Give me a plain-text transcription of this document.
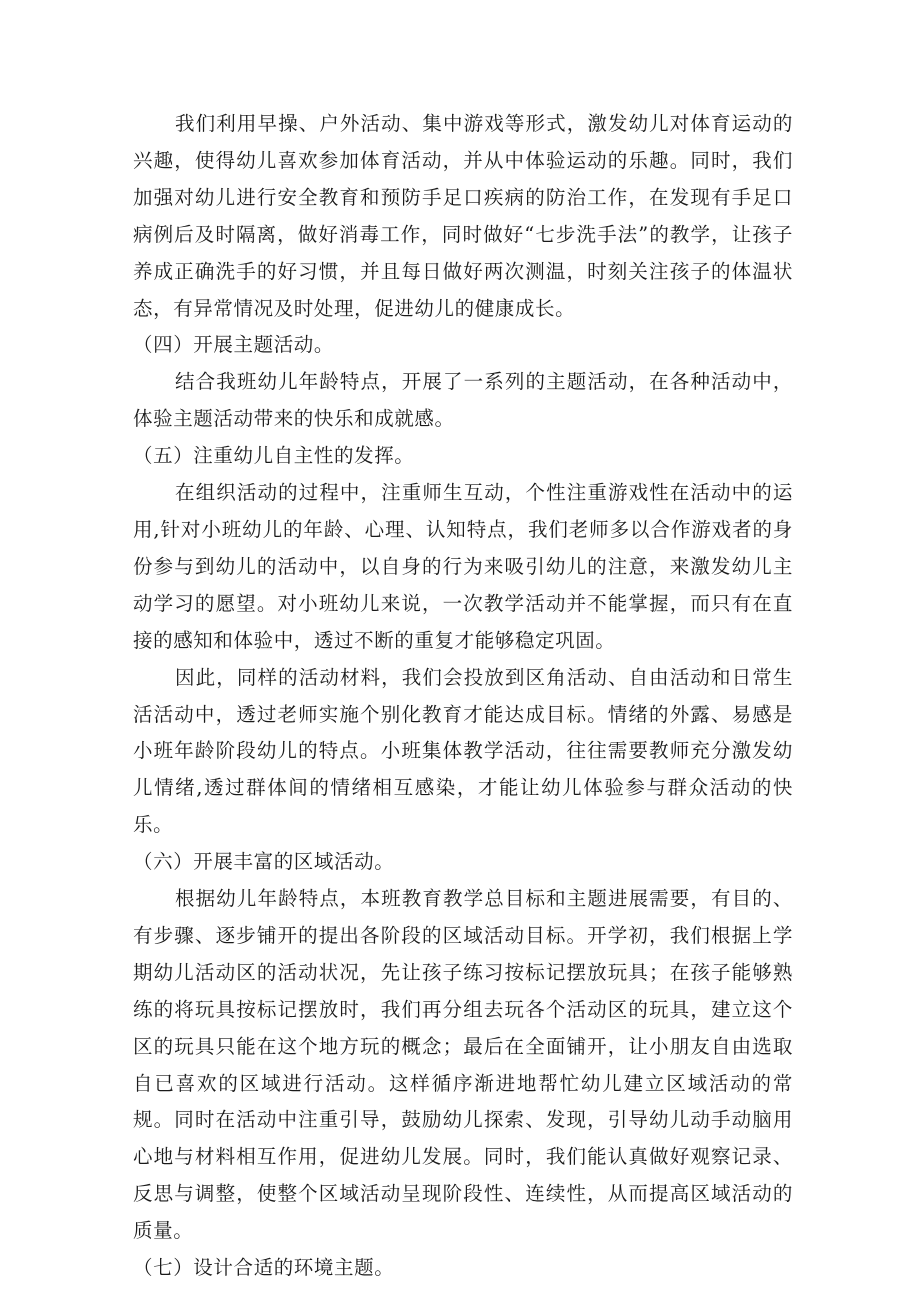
我们利用早操、户外活动、集中游戏等形式，激发幼儿对体育运动的兴趣，使得幼儿喜欢参加体育活动，并从中体验运动的乐趣。同时，我们加强对幼儿进行安全教育和预防手足口疾病的防治工作，在发现有手足口病例后及时隔离，做好消毒工作，同时做好“七步洗手法”的教学，让孩子养成正确洗手的好习惯，并且每日做好两次测温，时刻关注孩子的体温状态，有异常情况及时处理，促进幼儿的健康成长。

（四）开展主题活动。

结合我班幼儿年龄特点，开展了一系列的主题活动，在各种活动中，体验主题活动带来的快乐和成就感。

（五）注重幼儿自主性的发挥。

在组织活动的过程中，注重师生互动，个性注重游戏性在活动中的运用,针对小班幼儿的年龄、心理、认知特点，我们老师多以合作游戏者的身份参与到幼儿的活动中，以自身的行为来吸引幼儿的注意，来激发幼儿主动学习的愿望。对小班幼儿来说，一次教学活动并不能掌握，而只有在直接的感知和体验中，透过不断的重复才能够稳定巩固。

因此，同样的活动材料，我们会投放到区角活动、自由活动和日常生活活动中，透过老师实施个别化教育才能达成目标。情绪的外露、易感是小班年龄阶段幼儿的特点。小班集体教学活动，往往需要教师充分激发幼儿情绪,透过群体间的情绪相互感染，才能让幼儿体验参与群众活动的快乐。

（六）开展丰富的区域活动。

根据幼儿年龄特点，本班教育教学总目标和主题进展需要，有目的、有步骤、逐步铺开的提出各阶段的区域活动目标。开学初，我们根据上学期幼儿活动区的活动状况，先让孩子练习按标记摆放玩具；在孩子能够熟练的将玩具按标记摆放时，我们再分组去玩各个活动区的玩具，建立这个区的玩具只能在这个地方玩的概念；最后在全面铺开，让小朋友自由选取自已喜欢的区域进行活动。这样循序渐进地帮忙幼儿建立区域活动的常规。同时在活动中注重引导，鼓励幼儿探索、发现，引导幼儿动手动脑用心地与材料相互作用，促进幼儿发展。同时，我们能认真做好观察记录、反思与调整，使整个区域活动呈现阶段性、连续性，从而提高区域活动的质量。

（七）设计合适的环境主题。
